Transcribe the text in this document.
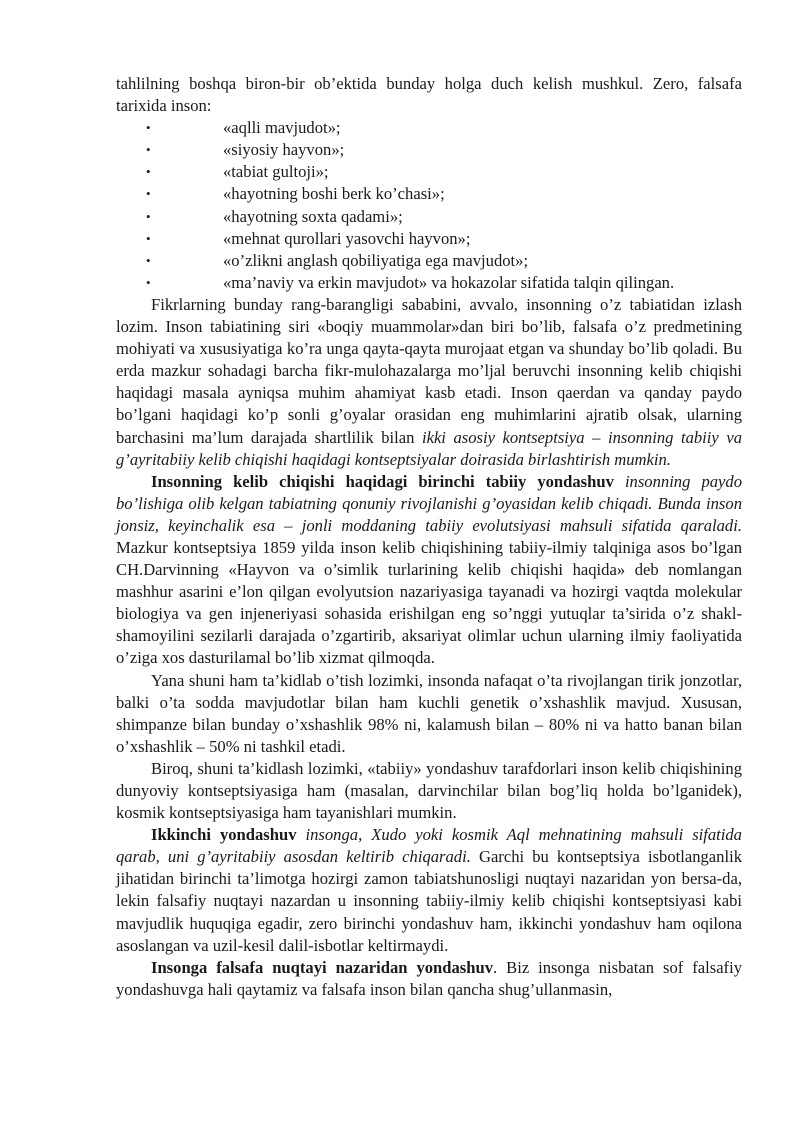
tahlilning boshqa biron-bir ob’ektida bunday holga duch kelish mushkul. Zero, falsafa tarixida inson:

•	«aqlli mavjudot»;
•	«siyosiy hayvon»;
•	«tabiat gultoji»;
•	«hayotning boshi berk ko’chasi»;
•	«hayotning soxta qadami»;
•	«mehnat qurollari yasovchi hayvon»;
•	«o’zlikni anglash qobiliyatiga ega mavjudot»;
•	«ma’naviy va erkin mavjudot» va hokazolar sifatida talqin qilingan.

Fikrlarning bunday rang-barangligi sababini, avvalo, insonning o’z tabiatidan izlash lozim. Inson tabiatining siri «boqiy muammolar»dan biri bo’lib, falsafa o’z predmetining mohiyati va xususiyatiga ko’ra unga qayta-qayta murojaat etgan va shunday bo’lib qoladi. Bu erda mazkur sohadagi barcha fikr-mulohazalarga mo’ljal beruvchi insonning kelib chiqishi haqidagi masala ayniqsa muhim ahamiyat kasb etadi. Inson qaerdan va qanday paydo bo’lgani haqidagi ko’p sonli g’oyalar orasidan eng muhimlarini ajratib olsak, ularning barchasini ma’lum darajada shartlilik bilan ikki asosiy kontseptsiya – insonning tabiiy va g’ayritabiiy kelib chiqishi haqidagi kontseptsiyalar doirasida birlashtirish mumkin.

Insonning kelib chiqishi haqidagi birinchi tabiiy yondashuv insonning paydo bo’lishiga olib kelgan tabiatning qonuniy rivojlanishi g’oyasidan kelib chiqadi. Bunda inson jonsiz, keyinchalik esa – jonli moddaning tabiiy evolutsiyasi mahsuli sifatida qaraladi. Mazkur kontseptsiya 1859 yilda inson kelib chiqishining tabiiy-ilmiy talqiniga asos bo’lgan CH.Darvinning «Hayvon va o’simlik turlarining kelib chiqishi haqida» deb nomlangan mashhur asarini e’lon qilgan evolyutsion nazariyasiga tayanadi va hozirgi vaqtda molekular biologiya va gen injeneriyasi sohasida erishilgan eng so’nggi yutuqlar ta’sirida o’z shakl-shamoyilini sezilarli darajada o’zgartirib, aksariyat olimlar uchun ularning ilmiy faoliyatida o’ziga xos dasturilamal bo’lib xizmat qilmoqda.

Yana shuni ham ta’kidlab o’tish lozimki, insonda nafaqat o’ta rivojlangan tirik jonzotlar, balki o’ta sodda mavjudotlar bilan ham kuchli genetik o’xshashlik mavjud. Xususan, shimpanze bilan bunday o’xshashlik 98% ni, kalamush bilan – 80% ni va hatto banan bilan o’xshashlik – 50% ni tashkil etadi.

Biroq, shuni ta’kidlash lozimki, «tabiiy» yondashuv tarafdorlari inson kelib chiqishining dunyoviy kontseptsiyasiga ham (masalan, darvinchilar bilan bog’liq holda bo’lganidek), kosmik kontseptsiyasiga ham tayanishlari mumkin.

Ikkinchi yondashuv insonga, Xudo yoki kosmik Aql mehnatining mahsuli sifatida qarab, uni g’ayritabiiy asosdan keltirib chiqaradi. Garchi bu kontseptsiya isbotlanganlik jihatidan birinchi ta’limotga hozirgi zamon tabiatshunosligi nuqtayi nazaridan yon bersa-da, lekin falsafiy nuqtayi nazardan u insonning tabiiy-ilmiy kelib chiqishi kontseptsiyasi kabi mavjudlik huquqiga egadir, zero birinchi yondashuv ham, ikkinchi yondashuv ham oqilona asoslangan va uzil-kesil dalil-isbotlar keltirmaydi.

Insonga falsafa nuqtayi nazaridan yondashuv. Biz insonga nisbatan sof falsafiy yondashuvga hali qaytamiz va falsafa inson bilan qancha shug’ullanmasin,
